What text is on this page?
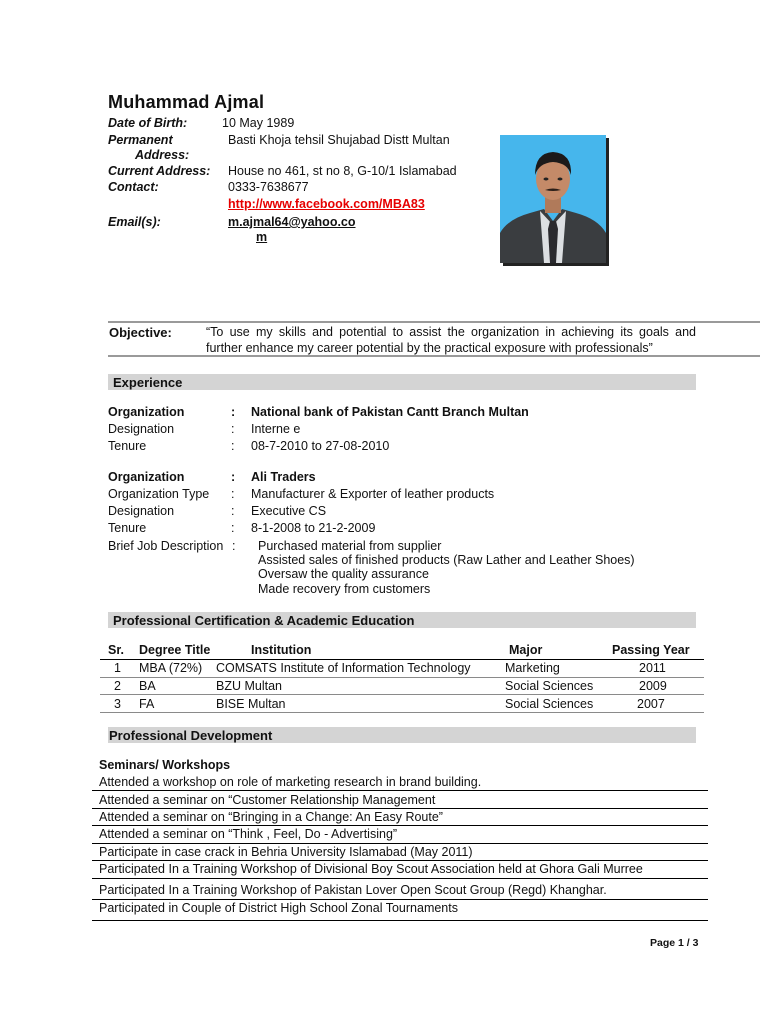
Muhammad Ajmal
Date of Birth:	10 May 1989
Permanent
Address:
Basti Khoja tehsil Shujabad Distt Multan
Current Address: House no 461, st no 8, G-10/1 Islamabad
Contact:	0333-7638677
http://www.facebook.com/MBA83
Email(s):	m.ajmal64@yahoo.co
m
Objective:	“To use my skills and potential to assist the organization in achieving its goals and further enhance my career potential by the practical exposure with professionals”
Experience
Organization	: National bank of Pakistan Cantt Branch Multan
Designation	: Interne e
Tenure	: 08-7-2010 to 27-08-2010
Organization	: Ali Traders
Organization Type : Manufacturer & Exporter of leather products
Designation	: Executive CS
Tenure	: 8-1-2008 to 21-2-2009
Brief Job Description : Purchased material from supplier
Assisted sales of finished products (Raw Lather and Leather Shoes)
Oversaw the quality assurance
Made recovery from customers
Professional Certification & Academic Education
Sr. Degree Title	Institution	Major	Passing Year
1 MBA (72%) COMSATS Institute of Information Technology	Marketing	2011
2 BA	BZU Multan	Social Sciences	2009
3 FA	BISE Multan	Social Sciences	2007
Professional Development
Seminars/ Workshops
Attended a workshop on role of marketing research in brand building.
Attended a seminar on “Customer Relationship Management
Attended a seminar on “Bringing in a Change: An Easy Route”
Attended a seminar on “Think , Feel, Do - Advertising”
Participate in case crack in Behria University Islamabad (May 2011)
Participated In a Training Workshop of Divisional Boy Scout Association held at Ghora Gali Murree
Participated In a Training Workshop of Pakistan Lover Open Scout Group (Regd) Khanghar.
Participated in Couple of District High School Zonal Tournaments
Page 1 / 3
